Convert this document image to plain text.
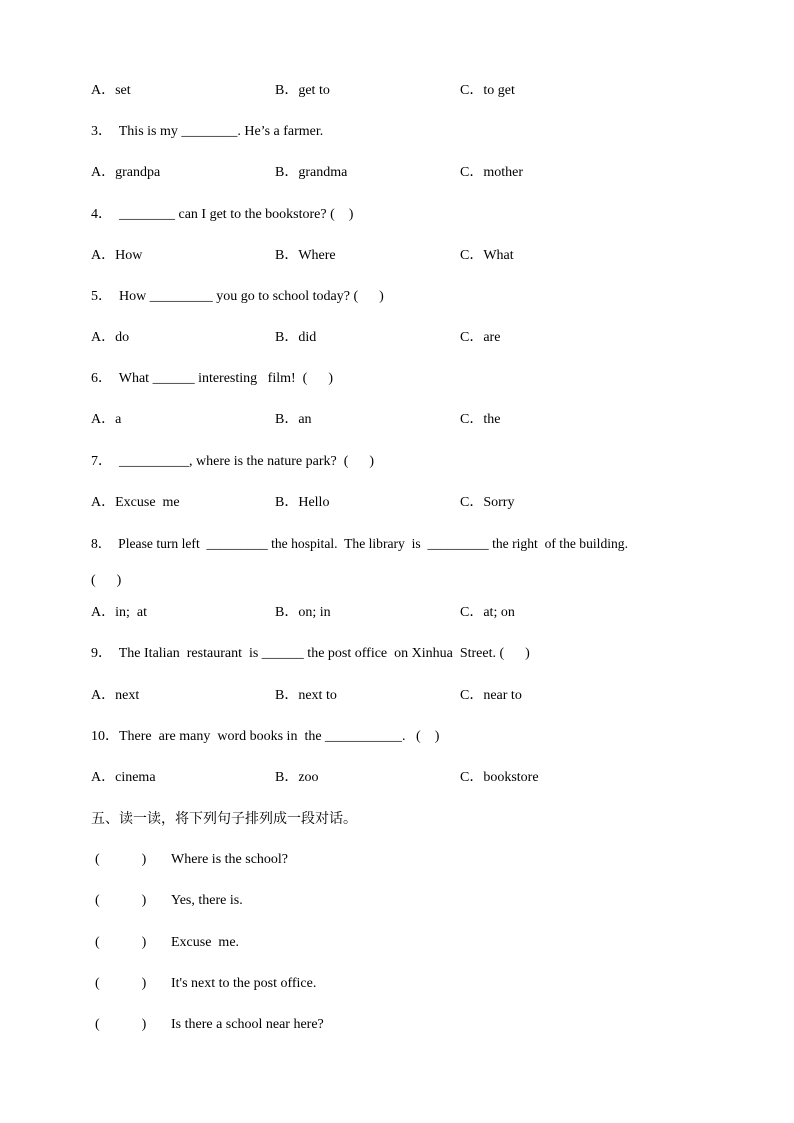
A．set	B．get to	C．to get
3．  This is my ________. He’s a farmer.
A．grandpa	B．grandma	C．mother
4．  ________ can I get to the bookstore? (    )
A．How	B．Where	C．What
5．  How _________ you go to school today? (      )
A．do	B．did	C．are
6．  What ______ interesting   film!  (      )
A．a	B．an	C．the
7．  __________, where is the nature park?  (      )
A．Excuse  me	B．Hello	C．Sorry
8．  Please turn left  _________ the hospital.  The library  is  _________ the right  of the building.
(      )
A．in;  at	B．on; in	C．at; on
9．  The Italian  restaurant  is ______ the post office  on Xinhua  Street. (      )
A．next	B．next to	C．near to
10．There  are many  word books in  the ___________.   (    )
A．cinema	B．zoo	C．bookstore
五、读一读，将下列句子排列成一段对话。
(            ) Where is the school?
(            ) Yes, there is.
(            ) Excuse  me.
(            ) It's next to the post office.
(            ) Is there a school near here?
